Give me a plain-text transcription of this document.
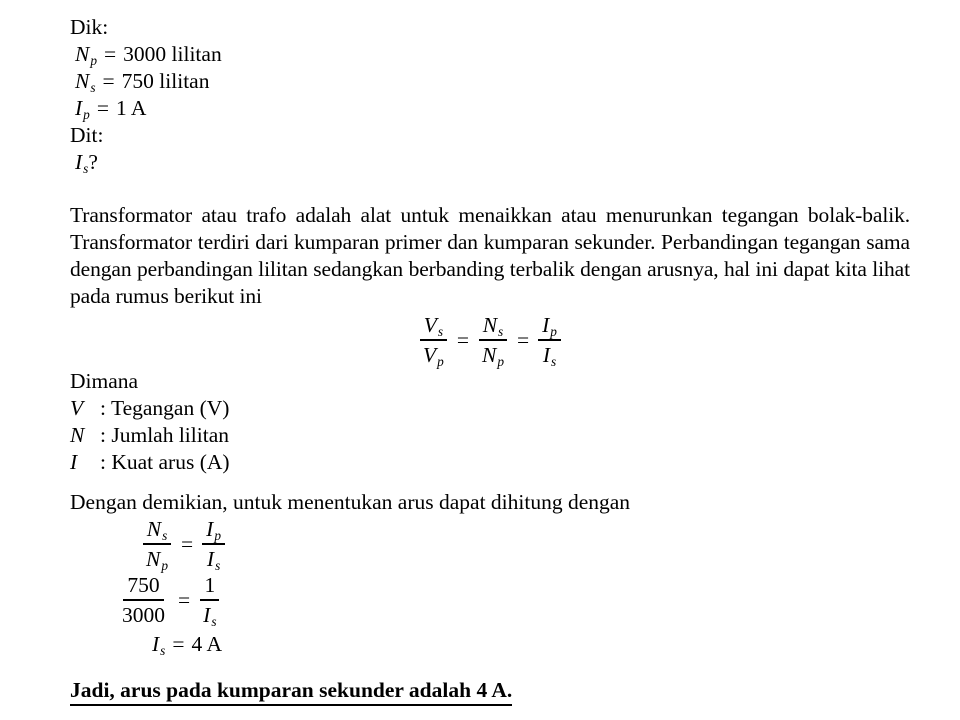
Dik:
$N_p = 3000$ lilitan
$N_s = 750$ lilitan
$I_p = 1$ A
Dit:
$I_s$?

Transformator atau trafo adalah alat untuk menaikkan atau menurunkan tegangan bolak-balik. Transformator terdiri dari kumparan primer dan kumparan sekunder. Perbandingan tegangan sama dengan perbandingan lilitan sedangkan berbanding terbalik dengan arusnya, hal ini dapat kita lihat pada rumus berikut ini

$\frac{V_s}{V_p} = \frac{N_s}{N_p} = \frac{I_p}{I_s}$
Dimana
V : Tegangan (V)
N : Jumlah lilitan
I : Kuat arus (A)
Dengan demikian, untuk menentukan arus dapat dihitung dengan
$\frac{N_s}{N_p} = \frac{I_p}{I_s}$
$\frac{750}{3000} = \frac{1}{I_s}$
$I_s = 4$ A
Jadi, arus pada kumparan sekunder adalah 4 A.
